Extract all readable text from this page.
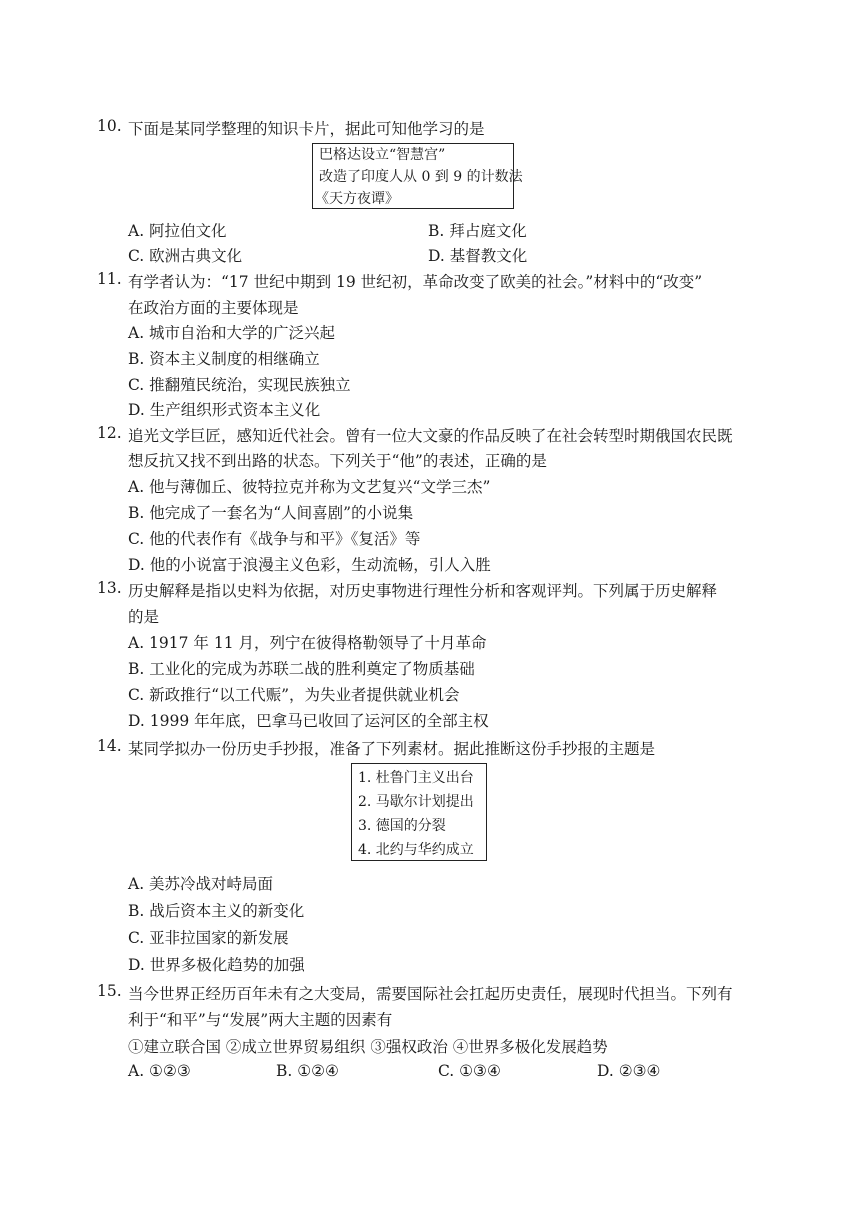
10. 下面是某同学整理的知识卡片，据此可知他学习的是
巴格达设立“智慧宫”
改造了印度人从 0 到 9 的计数法
《天方夜谭》
A. 阿拉伯文化	B. 拜占庭文化
C. 欧洲古典文化	D. 基督教文化
11. 有学者认为：“17 世纪中期到 19 世纪初，革命改变了欧美的社会。”材料中的“改变”
在政治方面的主要体现是
A. 城市自治和大学的广泛兴起
B. 资本主义制度的相继确立
C. 推翻殖民统治，实现民族独立
D. 生产组织形式资本主义化
12. 追光文学巨匠，感知近代社会。曾有一位大文豪的作品反映了在社会转型时期俄国农民既
想反抗又找不到出路的状态。下列关于“他”的表述，正确的是
A. 他与薄伽丘、彼特拉克并称为文艺复兴“文学三杰”
B. 他完成了一套名为“人间喜剧”的小说集
C. 他的代表作有《战争与和平》《复活》等
D. 他的小说富于浪漫主义色彩，生动流畅，引人入胜
13. 历史解释是指以史料为依据，对历史事物进行理性分析和客观评判。下列属于历史解释
的是
A. 1917 年 11 月，列宁在彼得格勒领导了十月革命
B. 工业化的完成为苏联二战的胜利奠定了物质基础
C. 新政推行“以工代赈”，为失业者提供就业机会
D. 1999 年年底，巴拿马已收回了运河区的全部主权
14. 某同学拟办一份历史手抄报，准备了下列素材。据此推断这份手抄报的主题是
1. 杜鲁门主义出台
2. 马歇尔计划提出
3. 德国的分裂
4. 北约与华约成立
A. 美苏冷战对峙局面
B. 战后资本主义的新变化
C. 亚非拉国家的新发展
D. 世界多极化趋势的加强
15. 当今世界正经历百年未有之大变局，需要国际社会扛起历史责任，展现时代担当。下列有
利于“和平”与“发展”两大主题的因素有
①建立联合国 ②成立世界贸易组织 ③强权政治 ④世界多极化发展趋势
A. ①②③	B. ①②④	C. ①③④	D. ②③④
